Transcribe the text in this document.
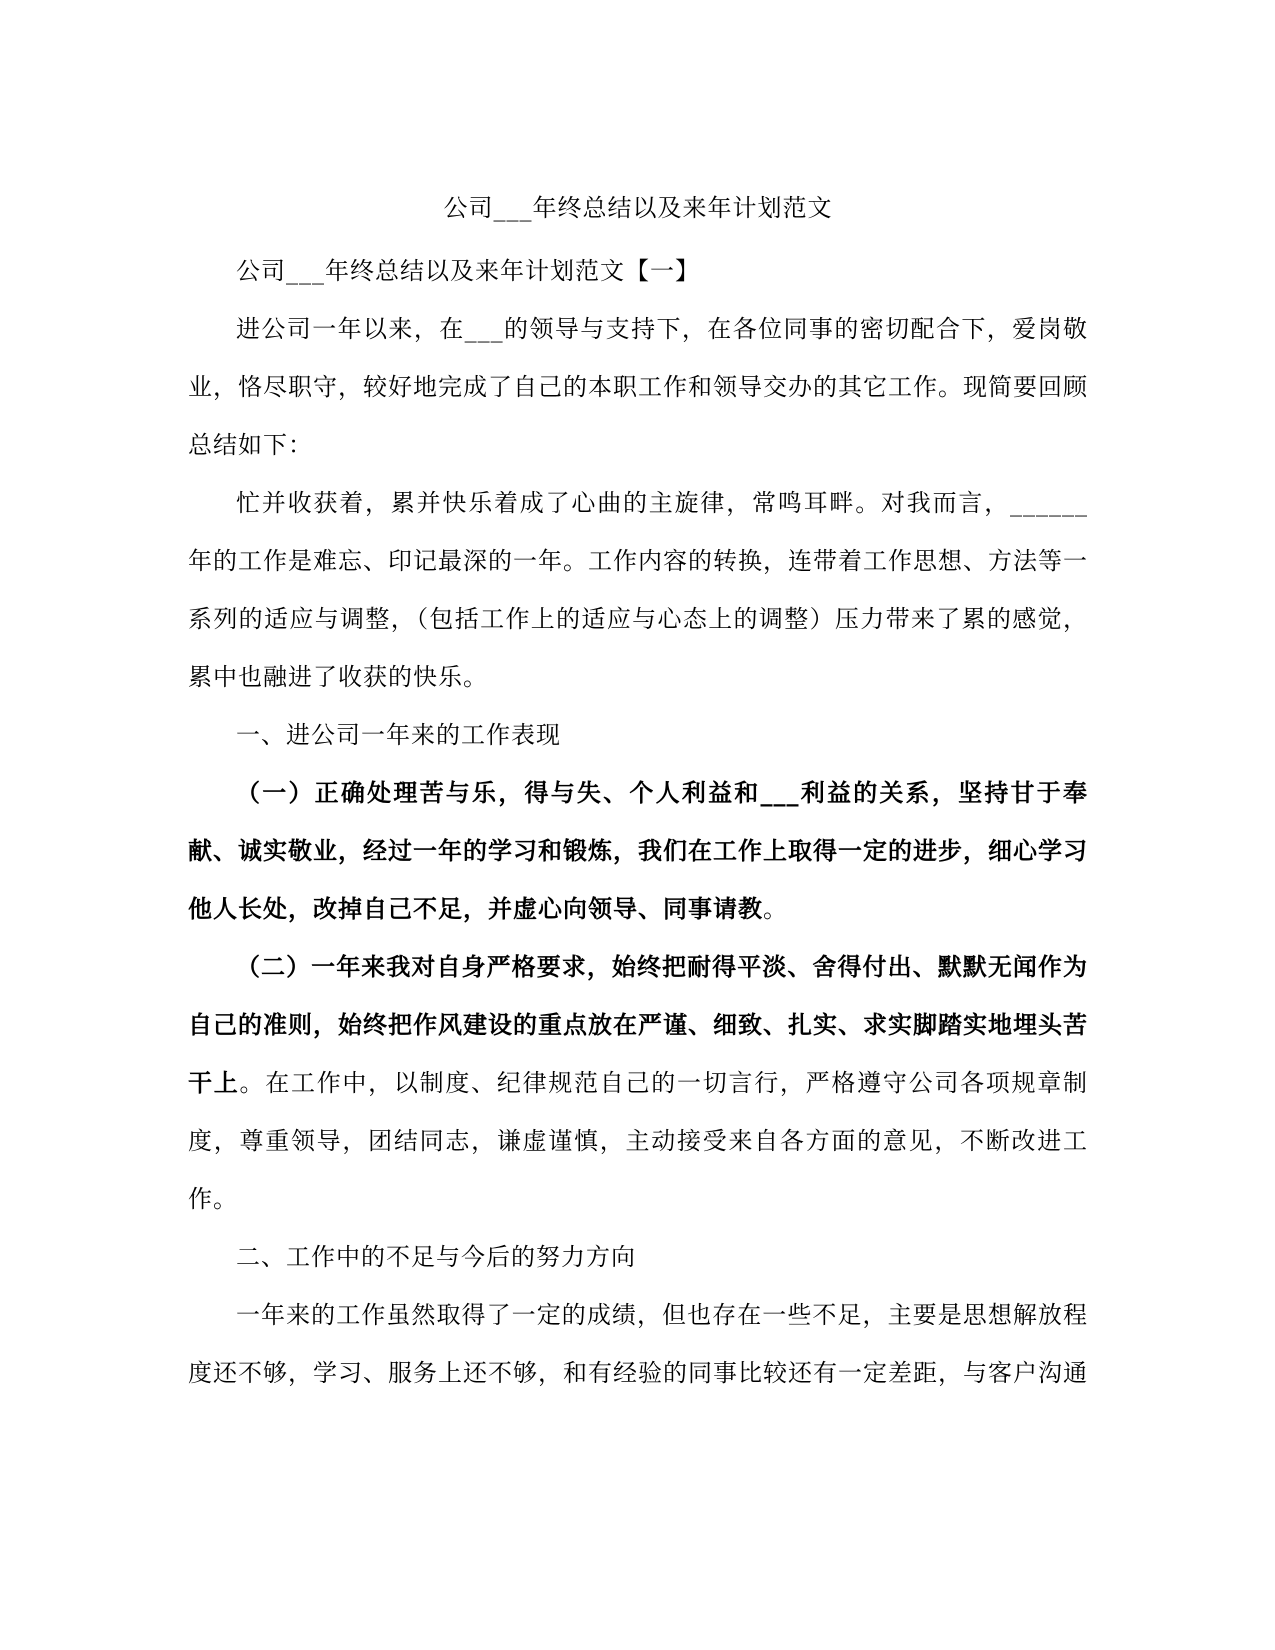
公司___年终总结以及来年计划范文

公司___年终总结以及来年计划范文【一】

进公司一年以来，在___的领导与支持下，在各位同事的密切配合下，爱岗敬业，恪尽职守，较好地完成了自己的本职工作和领导交办的其它工作。现简要回顾总结如下：

忙并收获着，累并快乐着成了心曲的主旋律，常鸣耳畔。对我而言，______年的工作是难忘、印记最深的一年。工作内容的转换，连带着工作思想、方法等一系列的适应与调整，（包括工作上的适应与心态上的调整）压力带来了累的感觉，累中也融进了收获的快乐。

一、进公司一年来的工作表现

（一）正确处理苦与乐，得与失、个人利益和___利益的关系，坚持甘于奉献、诚实敬业，经过一年的学习和锻炼，我们在工作上取得一定的进步，细心学习他人长处，改掉自己不足，并虚心向领导、同事请教。

（二）一年来我对自身严格要求，始终把耐得平淡、舍得付出、默默无闻作为自己的准则，始终把作风建设的重点放在严谨、细致、扎实、求实脚踏实地埋头苦干上。在工作中，以制度、纪律规范自己的一切言行，严格遵守公司各项规章制度，尊重领导，团结同志，谦虚谨慎，主动接受来自各方面的意见，不断改进工作。

二、工作中的不足与今后的努力方向

一年来的工作虽然取得了一定的成绩，但也存在一些不足，主要是思想解放程度还不够，学习、服务上还不够，和有经验的同事比较还有一定差距，与客户沟通
